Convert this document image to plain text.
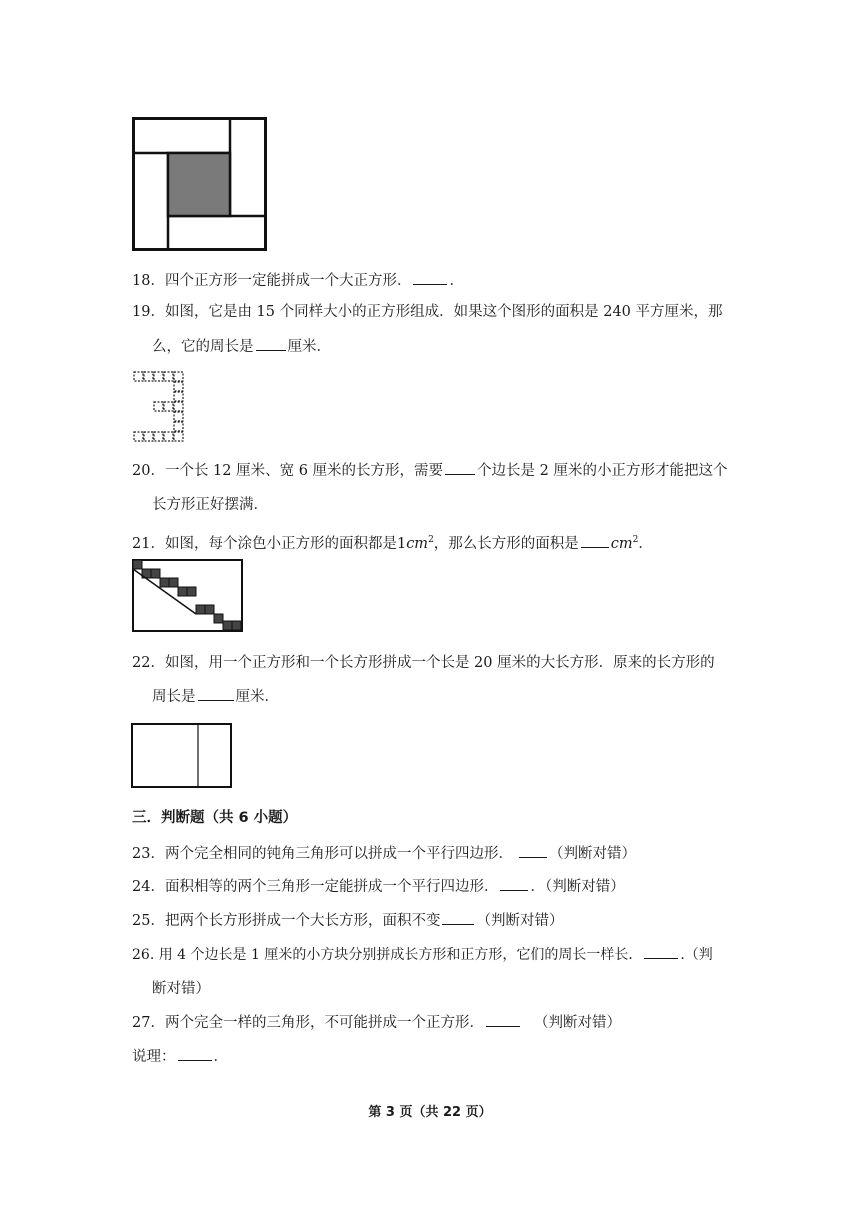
18．四个正方形一定能拼成一个大正方形．	．
19．如图，它是由 15 个同样大小的正方形组成．如果这个图形的面积是 240 平方厘米，那
么，它的周长是 厘米．
20．一个长 12 厘米、宽 6 厘米的长方形，需要 个边长是 2 厘米的小正方形才能把这个
长方形正好摆满．
21．如图，每个涂色小正方形的面积都是$1cm^2$，那么长方形的面积是 $cm^2$．
22．如图，用一个正方形和一个长方形拼成一个长是 20 厘米的大长方形．原来的长方形的
周长是	厘米．
三．判断题（共 6 小题）
23．两个完全相同的钝角三角形可以拼成一个平行四边形． （判断对错）
24．面积相等的两个三角形一定能拼成一个平行四边形． ．（判断对错）
25．把两个长方形拼成一个大长方形，面积不变 （判断对错）
26. 用 4 个边长是 1 厘米的小方块分别拼成长方形和正方形，它们的周长一样长．	.（判
断对错）
27．两个完全一样的三角形，不可能拼成一个正方形．	（判断对错）
说理：	．
第 3 页（共 22 页）
